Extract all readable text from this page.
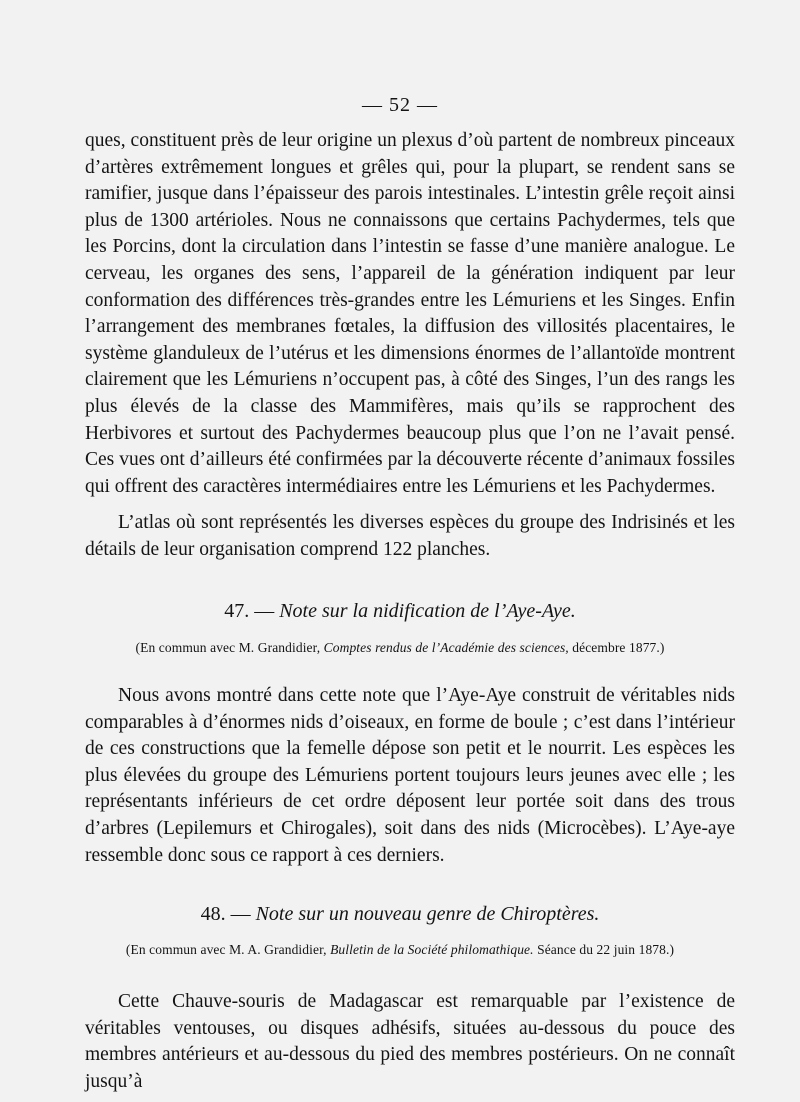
— 52 —

ques, constituent près de leur origine un plexus d’où partent de nombreux pinceaux d’artères extrêmement longues et grêles qui, pour la plupart, se rendent sans se ramifier, jusque dans l’épaisseur des parois intestinales. L’intestin grêle reçoit ainsi plus de 1300 artérioles. Nous ne connaissons que certains Pachydermes, tels que les Porcins, dont la circulation dans l’intestin se fasse d’une manière analogue. Le cerveau, les organes des sens, l’appareil de la génération indiquent par leur conformation des différences très-grandes entre les Lémuriens et les Singes. Enfin l’arrangement des membranes fœtales, la diffusion des villosités placentaires, le système glanduleux de l’utérus et les dimensions énormes de l’allantoïde montrent clairement que les Lémuriens n’occupent pas, à côté des Singes, l’un des rangs les plus élevés de la classe des Mammifères, mais qu’ils se rapprochent des Herbivores et surtout des Pachydermes beaucoup plus que l’on ne l’avait pensé. Ces vues ont d’ailleurs été confirmées par la découverte récente d’animaux fossiles qui offrent des caractères intermédiaires entre les Lémuriens et les Pachydermes.

L’atlas où sont représentés les diverses espèces du groupe des Indrisinés et les détails de leur organisation comprend 122 planches.

47. — Note sur la nidification de l’Aye-Aye.

(En commun avec M. Grandidier, Comptes rendus de l’Académie des sciences, décembre 1877.)

Nous avons montré dans cette note que l’Aye-Aye construit de véritables nids comparables à d’énormes nids d’oiseaux, en forme de boule ; c’est dans l’intérieur de ces constructions que la femelle dépose son petit et le nourrit. Les espèces les plus élevées du groupe des Lémuriens portent toujours leurs jeunes avec elle ; les représentants inférieurs de cet ordre déposent leur portée soit dans des trous d’arbres (Lepilemurs et Chirogales), soit dans des nids (Microcèbes). L’Aye-aye ressemble donc sous ce rapport à ces derniers.

48. — Note sur un nouveau genre de Chiroptères.

(En commun avec M. A. Grandidier, Bulletin de la Société philomathique. Séance du 22 juin 1878.)

Cette Chauve-souris de Madagascar est remarquable par l’existence de véritables ventouses, ou disques adhésifs, situées au-dessous du pouce des membres antérieurs et au-dessous du pied des membres postérieurs. On ne connaît jusqu’à
